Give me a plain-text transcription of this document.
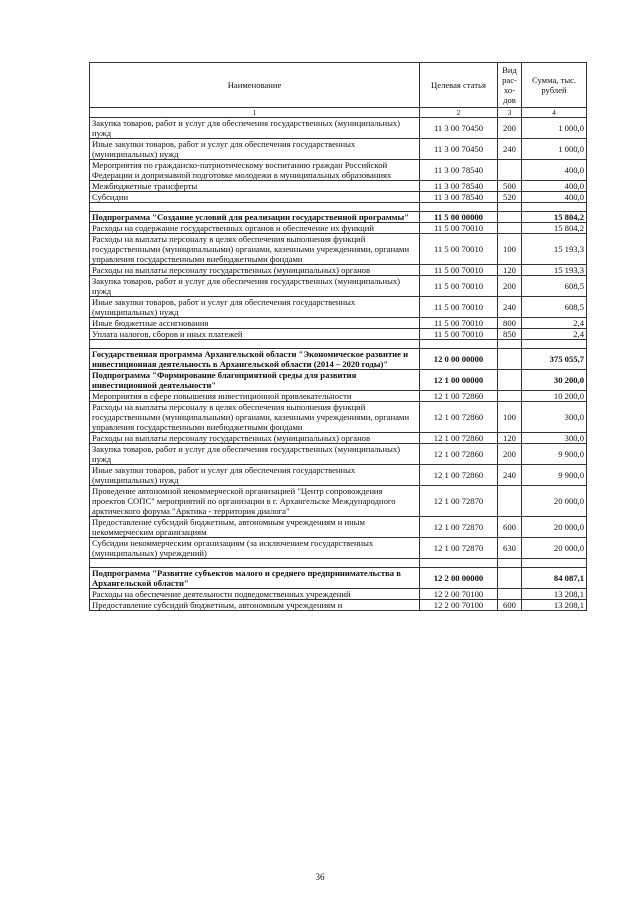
Наименование	Целевая статья	Вид рас-хо-дов	Сумма, тыс. рублей
1	2	3	4
Закупка товаров, работ и услуг для обеспечения государственных (муниципальных) нужд	11 3 00 70450	200	1 000,0
Иные закупки товаров, работ и услуг для обеспечения государственных (муниципальных) нужд	11 3 00 70450	240	1 000,0
Мероприятия по гражданско-патриотическому воспитанию граждан Российской Федерации и допризывной подготовке молодежи в муниципальных образованиях	11 3 00 78540		400,0
Межбюджетные трансферты	11 3 00 78540	500	400,0
Субсидии	11 3 00 78540	520	400,0

Подпрограмма "Создание условий для реализации государственной программы"	11 5 00 00000		15 804,2
Расходы на содержание государственных органов и обеспечение их функций	11 5 00 70010		15 804,2
Расходы на выплаты персоналу в целях обеспечения выполнения функций государственными (муниципальными) органами, казенными учреждениями, органами управления государственными внебюджетными фондами	11 5 00 70010	100	15 193,3
Расходы на выплаты персоналу государственных (муниципальных) органов	11 5 00 70010	120	15 193,3
Закупка товаров, работ и услуг для обеспечения государственных (муниципальных) нужд	11 5 00 70010	200	608,5
Иные закупки товаров, работ и услуг для обеспечения государственных (муниципальных) нужд	11 5 00 70010	240	608,5
Иные бюджетные ассигнования	11 5 00 70010	800	2,4
Уплата налогов, сборов и иных платежей	11 5 00 70010	850	2,4

Государственная программа Архангельской области "Экономическое развитие и инвестиционная деятельность в Архангельской области (2014 – 2020 годы)"	12 0 00 00000		375 055,7
Подпрограмма "Формирование благоприятной среды для развития инвестиционной деятельности"	12 1 00 00000		30 200,0
Мероприятия в сфере повышения инвестиционной привлекательности	12 1 00 72860		10 200,0
Расходы на выплаты персоналу в целях обеспечения выполнения функций государственными (муниципальными) органами, казенными учреждениями, органами управления государственными внебюджетными фондами	12 1 00 72860	100	300,0
Расходы на выплаты персоналу государственных (муниципальных) органов	12 1 00 72860	120	300,0
Закупка товаров, работ и услуг для обеспечения государственных (муниципальных) нужд	12 1 00 72860	200	9 900,0
Иные закупки товаров, работ и услуг для обеспечения государственных (муниципальных) нужд	12 1 00 72860	240	9 900,0
Проведение автономной некоммерческой организацией "Центр сопровождения проектов СОПС" мероприятий по организации в г. Архангельске Международного арктического форума "Арктика - территория диалога"	12 1 00 72870		20 000,0
Предоставление субсидий бюджетным, автономным учреждениям и иным некоммерческим организациям	12 1 00 72870	600	20 000,0
Субсидии некоммерческим организациям (за исключением государственных (муниципальных) учреждений)	12 1 00 72870	630	20 000,0

Подпрограмма "Развитие субъектов малого и среднего предпринимательства в Архангельской области"	12 2 00 00000		84 087,1
Расходы на обеспечение деятельности подведомственных учреждений	12 2 00 70100		13 208,1
Предоставление субсидий бюджетным, автономным учреждениям и	12 2 00 70100	600	13 208,1
36
